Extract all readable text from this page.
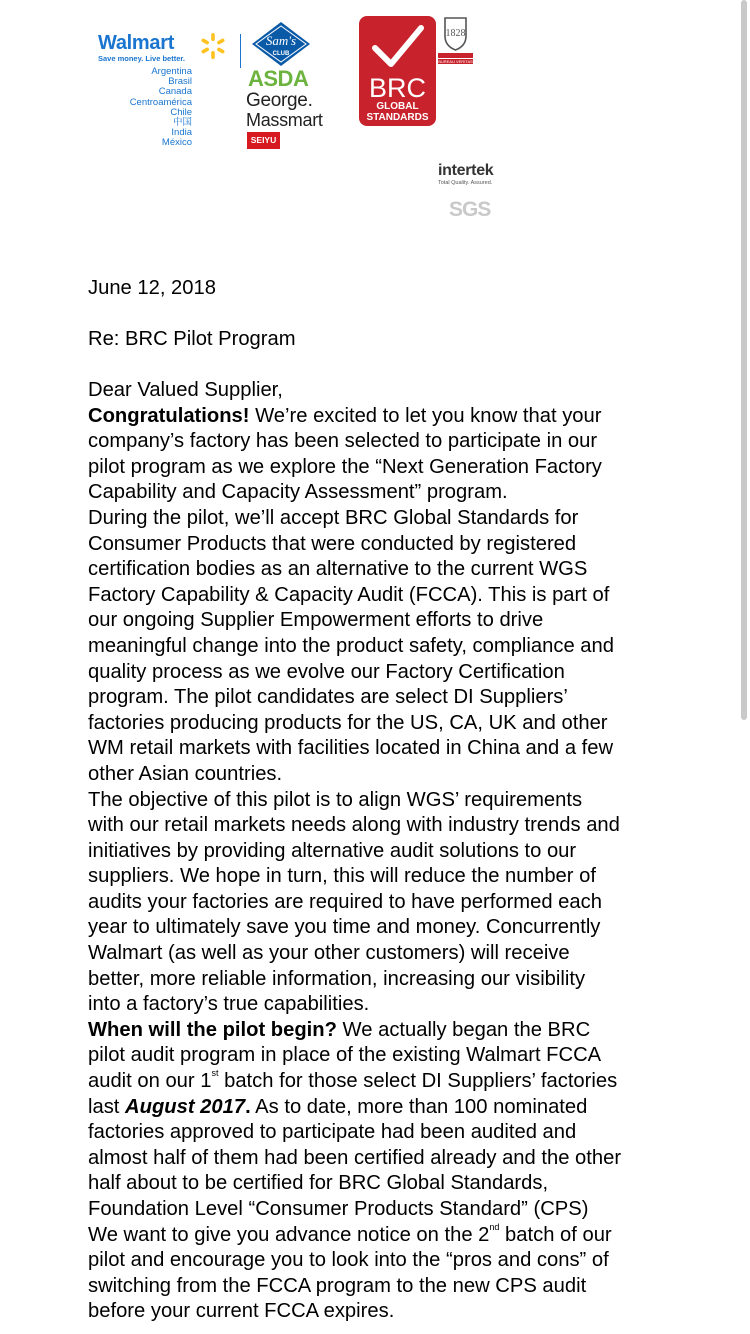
Walmart
Save money. Live better.
Argentina
Brasil
Canada
Centroamérica
Chile
中国
India
México
Sam's
CLUB
ASDA
George.
Massmart
SEIYU
BRC
GLOBAL
STANDARDS
1828
BUREAU VERITAS
intertek
Total Quality. Assured.
SGS
June 12, 2018
Re: BRC Pilot Program
Dear Valued Supplier,
Congratulations! We’re excited to let you know that your
company’s factory has been selected to participate in our
pilot program as we explore the “Next Generation Factory
Capability and Capacity Assessment” program.
During the pilot, we’ll accept BRC Global Standards for
Consumer Products that were conducted by registered
certification bodies as an alternative to the current WGS
Factory Capability & Capacity Audit (FCCA). This is part of
our ongoing Supplier Empowerment efforts to drive
meaningful change into the product safety, compliance and
quality process as we evolve our Factory Certification
program. The pilot candidates are select DI Suppliers’
factories producing products for the US, CA, UK and other
WM retail markets with facilities located in China and a few
other Asian countries.
The objective of this pilot is to align WGS’ requirements
with our retail markets needs along with industry trends and
initiatives by providing alternative audit solutions to our
suppliers. We hope in turn, this will reduce the number of
audits your factories are required to have performed each
year to ultimately save you time and money. Concurrently
Walmart (as well as your other customers) will receive
better, more reliable information, increasing our visibility
into a factory’s true capabilities.
When will the pilot begin? We actually began the BRC
pilot audit program in place of the existing Walmart FCCA
audit on our 1st batch for those select DI Suppliers’ factories
last August 2017. As to date, more than 100 nominated
factories approved to participate had been audited and
almost half of them had been certified already and the other
half about to be certified for BRC Global Standards,
Foundation Level “Consumer Products Standard” (CPS)
We want to give you advance notice on the 2nd batch of our
pilot and encourage you to look into the “pros and cons” of
switching from the FCCA program to the new CPS audit
before your current FCCA expires.
